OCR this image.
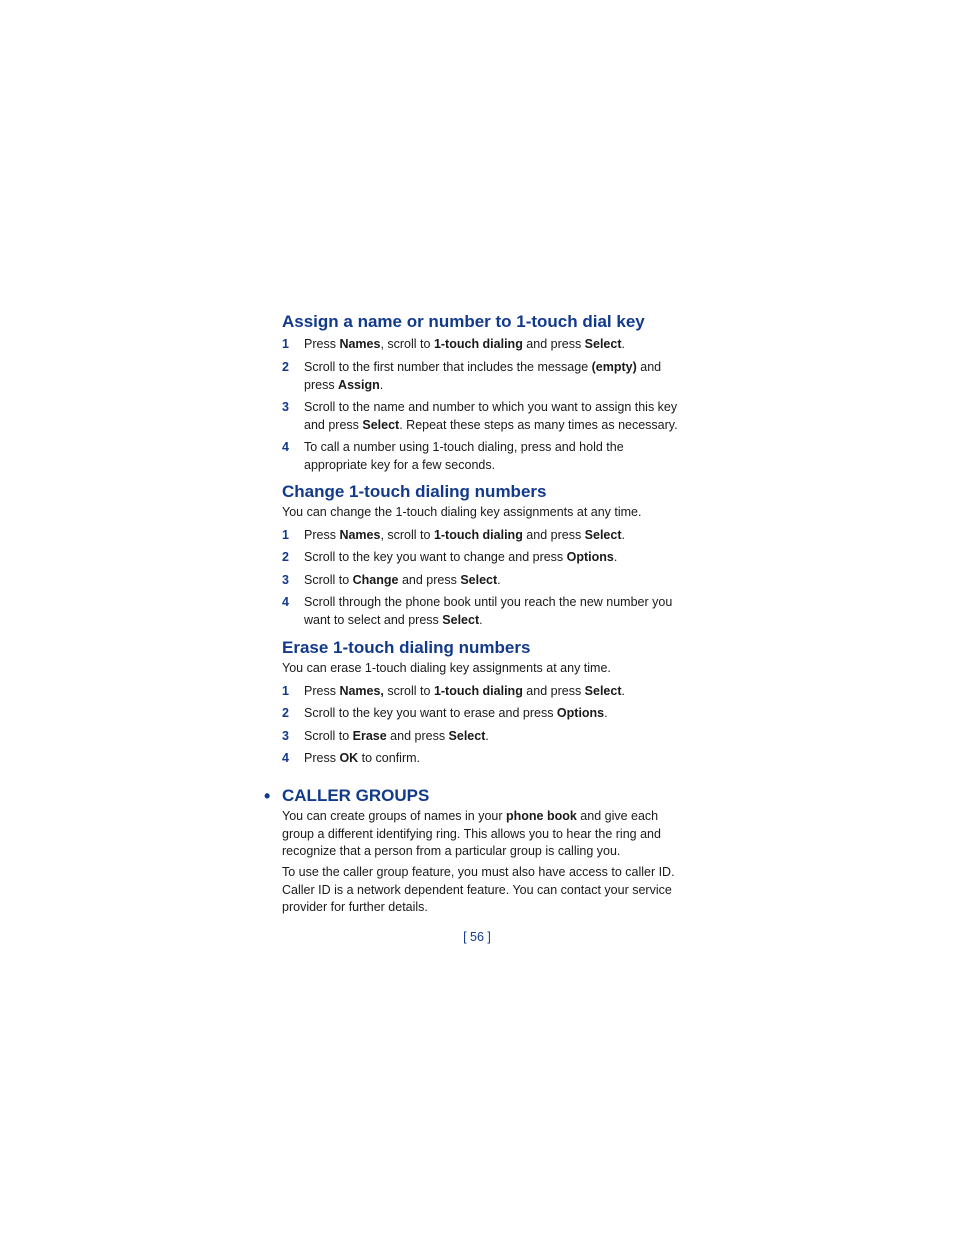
Assign a name or number to 1-touch dial key
1	Press Names, scroll to 1-touch dialing and press Select.
2	Scroll to the first number that includes the message (empty) and press Assign.
3	Scroll to the name and number to which you want to assign this key and press Select. Repeat these steps as many times as necessary.
4	To call a number using 1-touch dialing, press and hold the appropriate key for a few seconds.
Change 1-touch dialing numbers
You can change the 1-touch dialing key assignments at any time.
1	Press Names, scroll to 1-touch dialing and press Select.
2	Scroll to the key you want to change and press Options.
3	Scroll to Change and press Select.
4	Scroll through the phone book until you reach the new number you want to select and press Select.
Erase 1-touch dialing numbers
You can erase 1-touch dialing key assignments at any time.
1	Press Names, scroll to 1-touch dialing and press Select.
2	Scroll to the key you want to erase and press Options.
3	Scroll to Erase and press Select.
4	Press OK to confirm.
• CALLER GROUPS
You can create groups of names in your phone book and give each group a different identifying ring. This allows you to hear the ring and recognize that a person from a particular group is calling you.
To use the caller group feature, you must also have access to caller ID. Caller ID is a network dependent feature. You can contact your service provider for further details.
[ 56 ]
